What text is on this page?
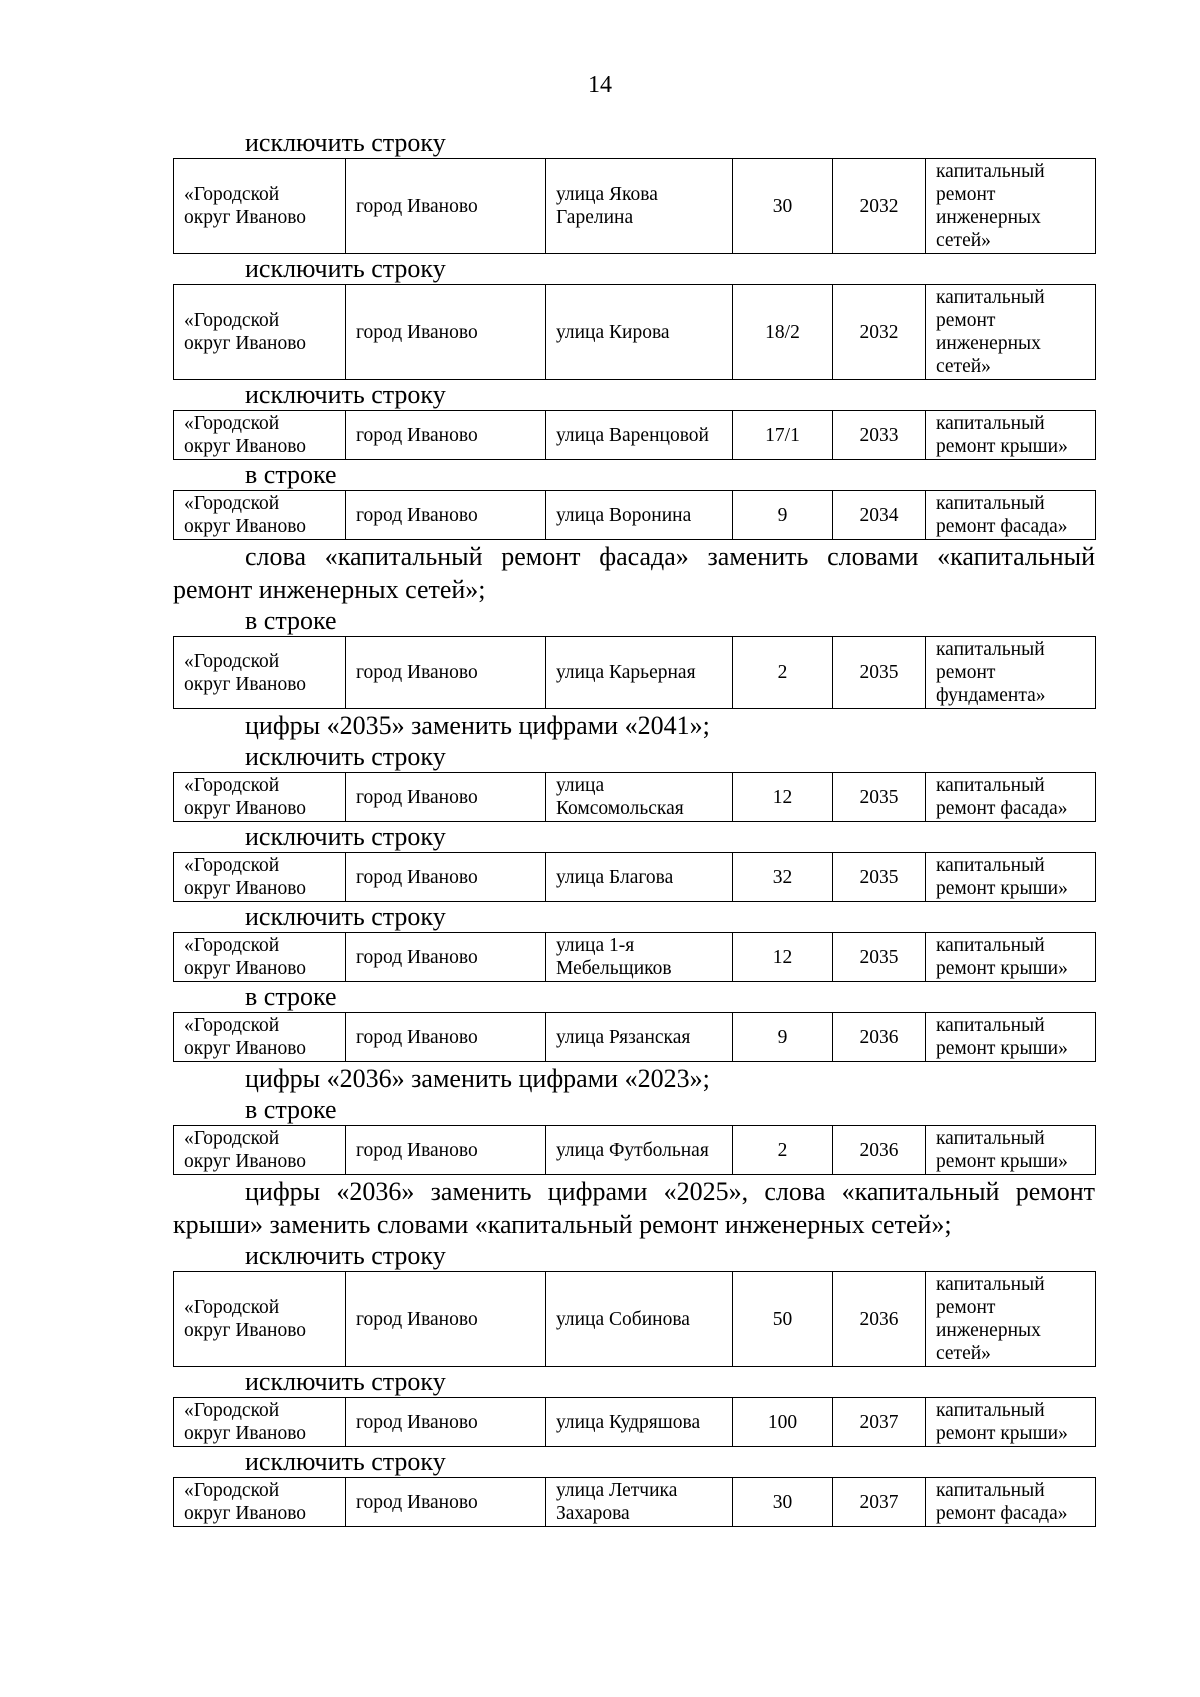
14

исключить строку

«Городской округ Иваново	город Иваново	улица Якова Гарелина	30	2032	капитальный ремонт инженерных сетей»

исключить строку

«Городской округ Иваново	город Иваново	улица Кирова	18/2	2032	капитальный ремонт инженерных сетей»

исключить строку

«Городской округ Иваново	город Иваново	улица Варенцовой	17/1	2033	капитальный ремонт крыши»

в строке

«Городской округ Иваново	город Иваново	улица Воронина	9	2034	капитальный ремонт фасада»

слова «капитальный ремонт фасада» заменить словами «капитальный ремонт инженерных сетей»;

в строке

«Городской округ Иваново	город Иваново	улица Карьерная	2	2035	капитальный ремонт фундамента»

цифры «2035» заменить цифрами «2041»;

исключить строку

«Городской округ Иваново	город Иваново	улица Комсомольская	12	2035	капитальный ремонт фасада»

исключить строку

«Городской округ Иваново	город Иваново	улица Благова	32	2035	капитальный ремонт крыши»

исключить строку

«Городской округ Иваново	город Иваново	улица 1-я Мебельщиков	12	2035	капитальный ремонт крыши»

в строке

«Городской округ Иваново	город Иваново	улица Рязанская	9	2036	капитальный ремонт крыши»

цифры «2036» заменить цифрами «2023»;

в строке

«Городской округ Иваново	город Иваново	улица Футбольная	2	2036	капитальный ремонт крыши»

цифры «2036» заменить цифрами «2025», слова «капитальный ремонт крыши» заменить словами «капитальный ремонт инженерных сетей»;

исключить строку

«Городской округ Иваново	город Иваново	улица Собинова	50	2036	капитальный ремонт инженерных сетей»

исключить строку

«Городской округ Иваново	город Иваново	улица Кудряшова	100	2037	капитальный ремонт крыши»

исключить строку

«Городской округ Иваново	город Иваново	улица Летчика Захарова	30	2037	капитальный ремонт фасада»
